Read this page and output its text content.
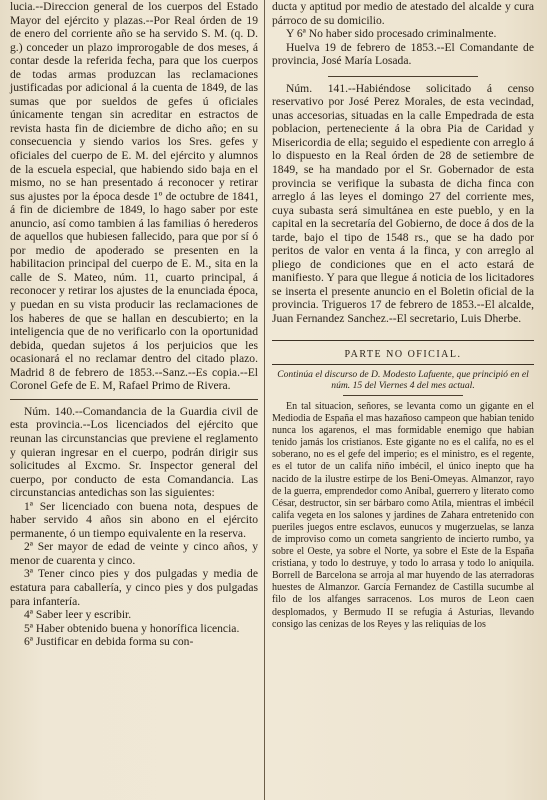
lucia.--Direccion general de los cuerpos del Estado Mayor del ejército y plazas.--Por Real órden de 19 de enero del corriente año se ha servido S. M. (q. D. g.) conceder un plazo improrogable de dos meses, á contar desde la referida fecha, para que los cuerpos de todas armas produzcan las reclamaciones justificadas por adicional á la cuenta de 1849, de las sumas que por sueldos de gefes ú oficiales únicamente tengan sin acreditar en estractos de revista hasta fin de diciembre de dicho año; en su consecuencia y siendo varios los Sres. gefes y oficiales del cuerpo de E. M. del ejército y alumnos de la escuela especial, que habiendo sido baja en el mismo, no se han presentado á reconocer y retirar sus ajustes por la época desde 1º de octubre de 1841, á fin de diciembre de 1849, lo hago saber por este anuncio, así como tambien á las familias ó herederos de aquellos que hubiesen fallecido, para que por sí ó por medio de apoderado se presenten en la habilitacion principal del cuerpo de E. M., sita en la calle de S. Mateo, núm. 11, cuarto principal, á reconocer y retirar los ajustes de la enunciada época, y puedan en su vista producir las reclamaciones de los haberes de que se hallan en descubierto; en la inteligencia que de no verificarlo con la oportunidad debida, quedan sujetos á los perjuicios que les ocasionará el no reclamar dentro del citado plazo. Madrid 8 de febrero de 1853.--Sanz.--Es copia.--El Coronel Gefe de E. M, Rafael Primo de Rivera.

Núm. 140.--Comandancia de la Guardia civil de esta provincia.--Los licenciados del ejército que reunan las circunstancias que previene el reglamento y quieran ingresar en el cuerpo, podrán dirigir sus solicitudes al Excmo. Sr. Inspector general del cuerpo, por conducto de esta Comandancia. Las circunstancias antedichas son las siguientes:

1ª Ser licenciado con buena nota, despues de haber servido 4 años sin abono en el ejército permanente, ó un tiempo equivalente en la reserva.

2ª Ser mayor de edad de veinte y cinco años, y menor de cuarenta y cinco.

3ª Tener cinco pies y dos pulgadas y media de estatura para caballería, y cinco pies y dos pulgadas para infantería.

4ª Saber leer y escribir.

5ª Haber obtenido buena y honorífica licencia.

6ª Justificar en debida forma su con-

ducta y aptitud por medio de atestado del alcalde y cura párroco de su domicilio.

Y 6ª No haber sido procesado criminalmente.

Huelva 19 de febrero de 1853.--El Comandante de provincia, José María Losada.

Núm. 141.--Habiéndose solicitado á censo reservativo por José Perez Morales, de esta vecindad, unas accesorias, situadas en la calle Empedrada de esta poblacion, perteneciente á la obra Pia de Caridad y Misericordia de ella; seguido el espediente con arreglo á lo dispuesto en la Real órden de 28 de setiembre de 1849, se ha mandado por el Sr. Gobernador de esta provincia se verifique la subasta de dicha finca con arreglo á las leyes el domingo 27 del corriente mes, cuya subasta será simultánea en este pueblo, y en la capital en la secretaría del Gobierno, de doce á dos de la tarde, bajo el tipo de 1548 rs., que se ha dado por peritos de valor en venta á la finca, y con arreglo al pliego de condiciones que en el acto estará de manifiesto. Y para que llegue á noticia de los licitadores se inserta el presente anuncio en el Boletin oficial de la provincia. Trigueros 17 de febrero de 1853.--El alcalde, Juan Fernandez Sanchez.--El secretario, Luis Dherbe.

PARTE NO OFICIAL.

Continúa el discurso de D. Modesto Lafuente, que principió en el núm. 15 del Viernes 4 del mes actual.

En tal situacion, señores, se levanta como un gigante en el Mediodia de España el mas hazañoso campeon que habian tenido nunca los agarenos, el mas formidable enemigo que habian tenido jamás los cristianos. Este gigante no es el califa, no es el soberano, no es el gefe del imperio; es el ministro, es el regente, es el tutor de un califa niño imbécil, el único inepto que ha nacido de la ilustre estirpe de los Beni-Omeyas. Almanzor, rayo de la guerra, emprendedor como Aníbal, guerrero y literato como César, destructor, sin ser bárbaro como Atila, mientras el imbécil califa vegeta en los salones y jardines de Zahara entretenido con pueriles juegos entre esclavos, eunucos y mugerzuelas, se lanza de improviso como un cometa sangriento de incierto rumbo, ya sobre el Oeste, ya sobre el Norte, ya sobre el Este de la España cristiana, y todo lo destruye, y todo lo arrasa y todo lo aniquila. Borrell de Barcelona se arroja al mar huyendo de las aterradoras huestes de Almanzor. García Fernandez de Castilla sucumbe al filo de los alfanges sarracenos. Los muros de Leon caen desplomados, y Bermudo II se refugia á Asturias, llevando consigo las cenizas de los Reyes y las reliquias de los
